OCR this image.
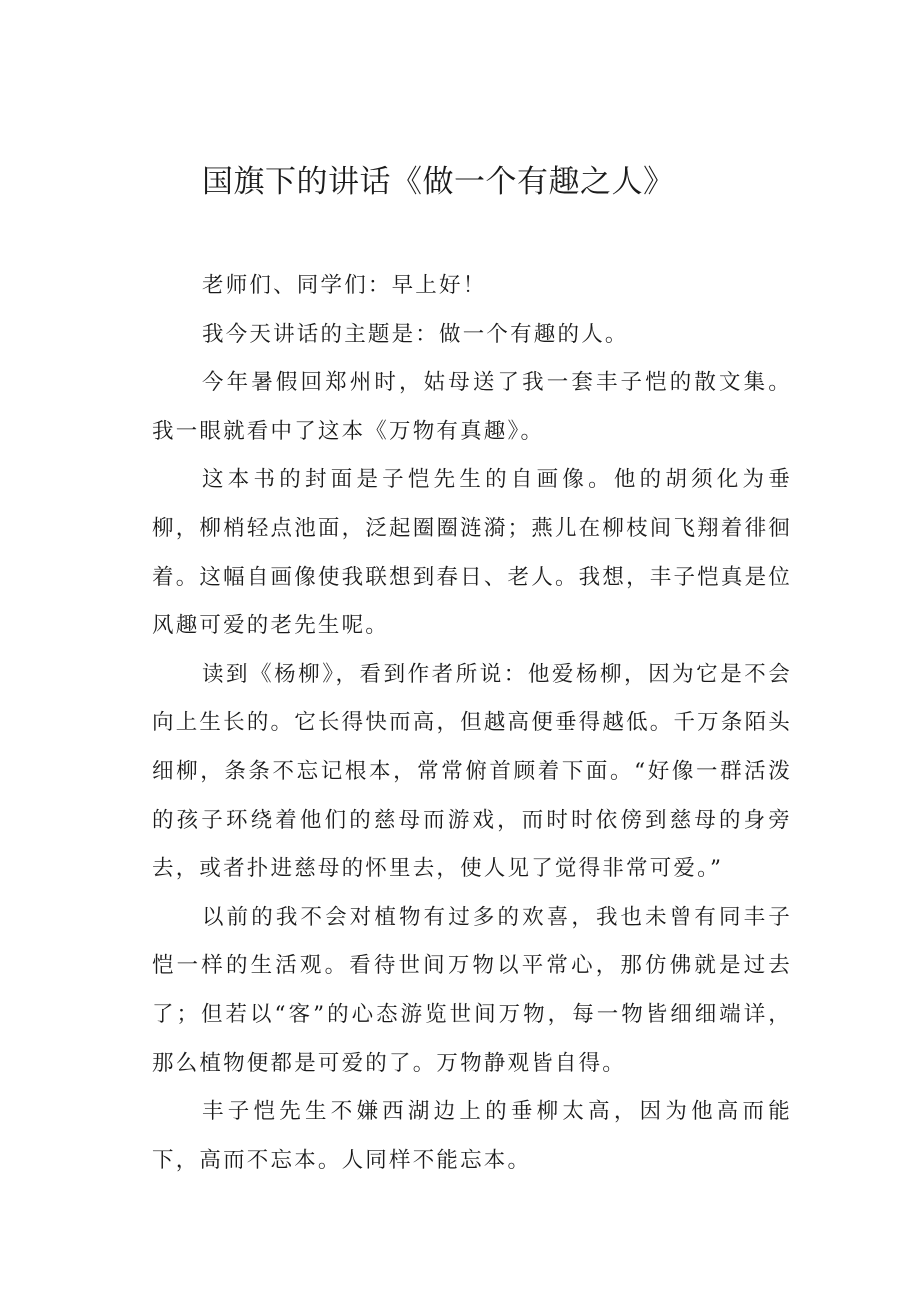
国旗下的讲话《做一个有趣之人》

老师们、同学们：早上好！

我今天讲话的主题是：做一个有趣的人。

今年暑假回郑州时，姑母送了我一套丰子恺的散文集。我一眼就看中了这本《万物有真趣》。

这本书的封面是子恺先生的自画像。他的胡须化为垂柳，柳梢轻点池面，泛起圈圈涟漪；燕儿在柳枝间飞翔着徘徊着。这幅自画像使我联想到春日、老人。我想，丰子恺真是位风趣可爱的老先生呢。

读到《杨柳》，看到作者所说：他爱杨柳，因为它是不会向上生长的。它长得快而高，但越高便垂得越低。千万条陌头细柳，条条不忘记根本，常常俯首顾着下面。“好像一群活泼的孩子环绕着他们的慈母而游戏，而时时依傍到慈母的身旁去，或者扑进慈母的怀里去，使人见了觉得非常可爱。”

以前的我不会对植物有过多的欢喜，我也未曾有同丰子恺一样的生活观。看待世间万物以平常心，那仿佛就是过去了；但若以“客”的心态游览世间万物，每一物皆细细端详，那么植物便都是可爱的了。万物静观皆自得。

丰子恺先生不嫌西湖边上的垂柳太高，因为他高而能下，高而不忘本。人同样不能忘本。
